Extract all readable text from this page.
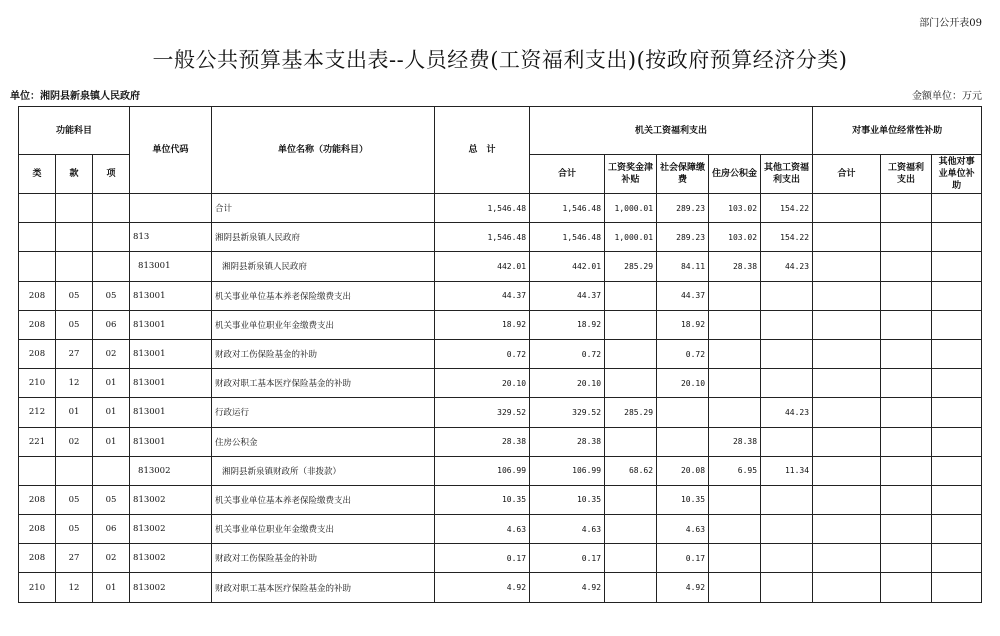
部门公开表09
一般公共预算基本支出表--人员经费(工资福利支出)(按政府预算经济分类)
单位：湘阴县新泉镇人民政府	金额单位：万元
功能科目			单位代码	单位名称（功能科目）	总　计	机关工资福利支出					对事业单位经常性补助		
类	款	项				合计	工资奖金津补贴	社会保障缴费	住房公积金	其他工资福利支出	合计	工资福利支出	其他对事业单位补助
				合计	1,546.48	1,546.48	1,000.01	289.23	103.02	154.22			
			813	湘阴县新泉镇人民政府	1,546.48	1,546.48	1,000.01	289.23	103.02	154.22			
			813001	湘阴县新泉镇人民政府	442.01	442.01	285.29	84.11	28.38	44.23			
208	05	05	813001	机关事业单位基本养老保险缴费支出	44.37	44.37		44.37					
208	05	06	813001	机关事业单位职业年金缴费支出	18.92	18.92		18.92					
208	27	02	813001	财政对工伤保险基金的补助	0.72	0.72		0.72					
210	12	01	813001	财政对职工基本医疗保险基金的补助	20.10	20.10		20.10					
212	01	01	813001	行政运行	329.52	329.52	285.29			44.23			
221	02	01	813001	住房公积金	28.38	28.38			28.38				
			813002	湘阴县新泉镇财政所（非拨款）	106.99	106.99	68.62	20.08	6.95	11.34			
208	05	05	813002	机关事业单位基本养老保险缴费支出	10.35	10.35		10.35					
208	05	06	813002	机关事业单位职业年金缴费支出	4.63	4.63		4.63					
208	27	02	813002	财政对工伤保险基金的补助	0.17	0.17		0.17					
210	12	01	813002	财政对职工基本医疗保险基金的补助	4.92	4.92		4.92					
